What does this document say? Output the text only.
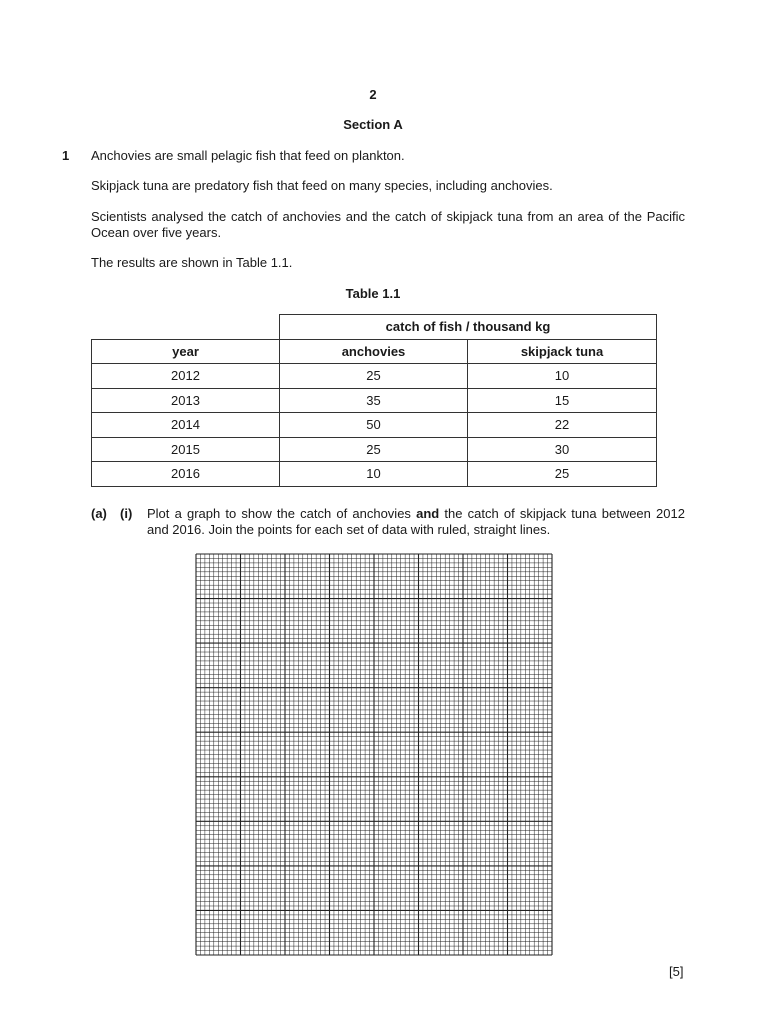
2
Section A
1 Anchovies are small pelagic fish that feed on plankton.
Skipjack tuna are predatory fish that feed on many species, including anchovies.
Scientists analysed the catch of anchovies and the catch of skipjack tuna from an area of the Pacific Ocean over five years.
The results are shown in Table 1.1.
Table 1.1
	catch of fish / thousand kg	
year	anchovies	skipjack tuna
2012	25	10
2013	35	15
2014	50	22
2015	25	30
2016	10	25
(a) (i) Plot a graph to show the catch of anchovies and the catch of skipjack tuna between 2012 and 2016. Join the points for each set of data with ruled, straight lines.
[5]
